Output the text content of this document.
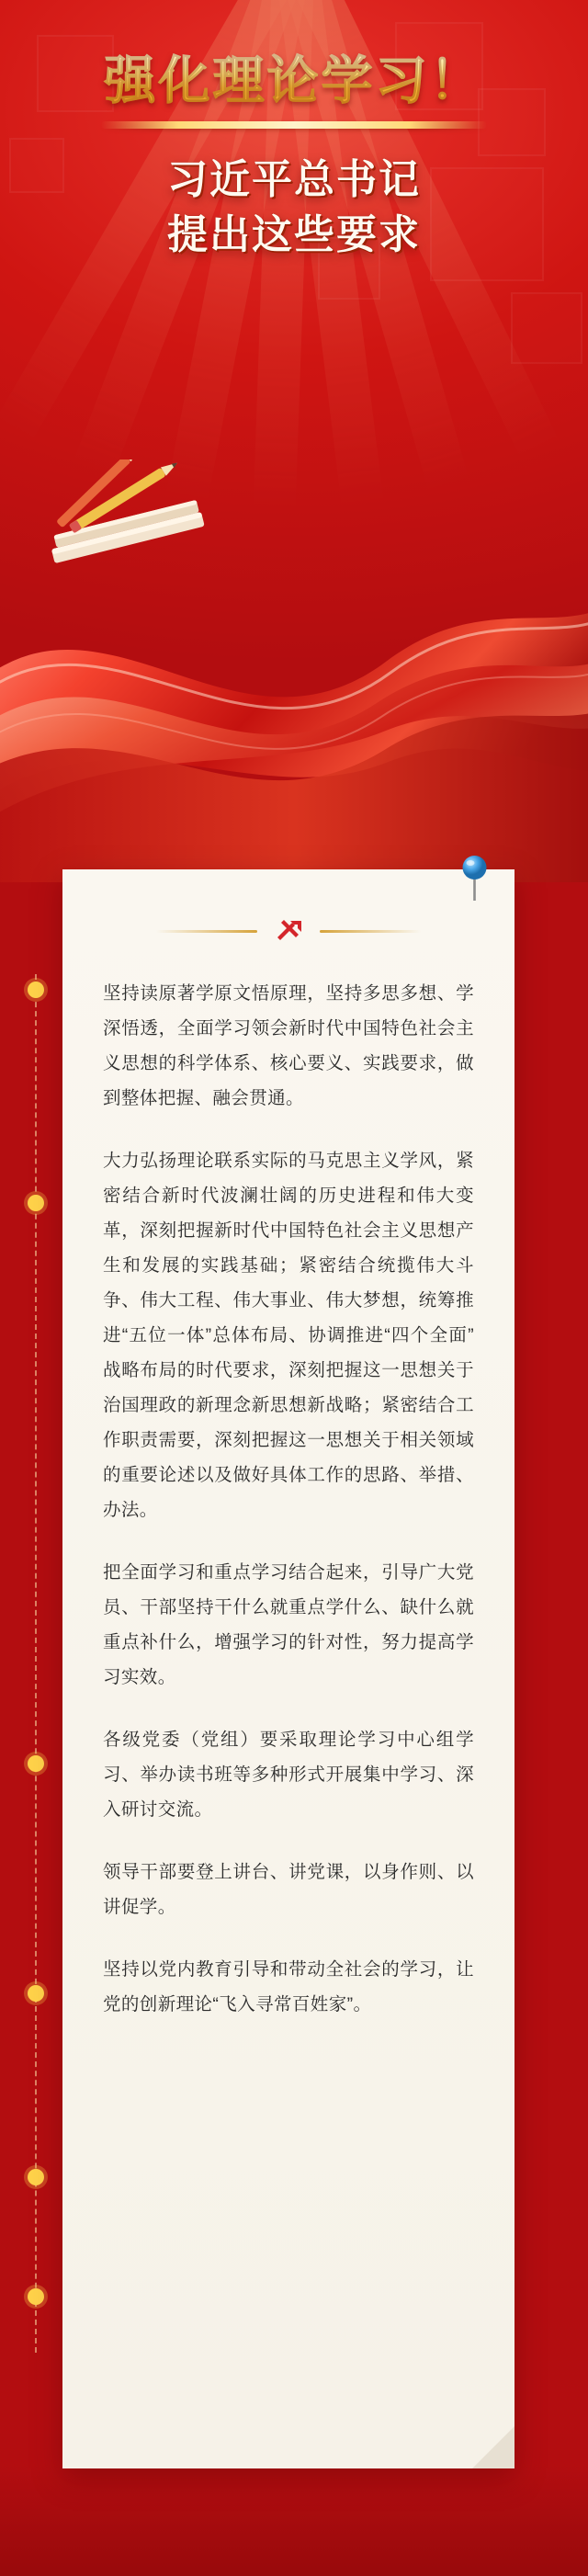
强化理论学习！
习近平总书记
提出这些要求

坚持读原著学原文悟原理，坚持多思多想、学深悟透，全面学习领会新时代中国特色社会主义思想的科学体系、核心要义、实践要求，做到整体把握、融会贯通。

大力弘扬理论联系实际的马克思主义学风，紧密结合新时代波澜壮阔的历史进程和伟大变革，深刻把握新时代中国特色社会主义思想产生和发展的实践基础；紧密结合统揽伟大斗争、伟大工程、伟大事业、伟大梦想，统筹推进“五位一体”总体布局、协调推进“四个全面”战略布局的时代要求，深刻把握这一思想关于治国理政的新理念新思想新战略；紧密结合工作职责需要，深刻把握这一思想关于相关领域的重要论述以及做好具体工作的思路、举措、办法。

把全面学习和重点学习结合起来，引导广大党员、干部坚持干什么就重点学什么、缺什么就重点补什么，增强学习的针对性，努力提高学习实效。

各级党委（党组）要采取理论学习中心组学习、举办读书班等多种形式开展集中学习、深入研讨交流。

领导干部要登上讲台、讲党课，以身作则、以讲促学。

坚持以党内教育引导和带动全社会的学习，让党的创新理论“飞入寻常百姓家”。
